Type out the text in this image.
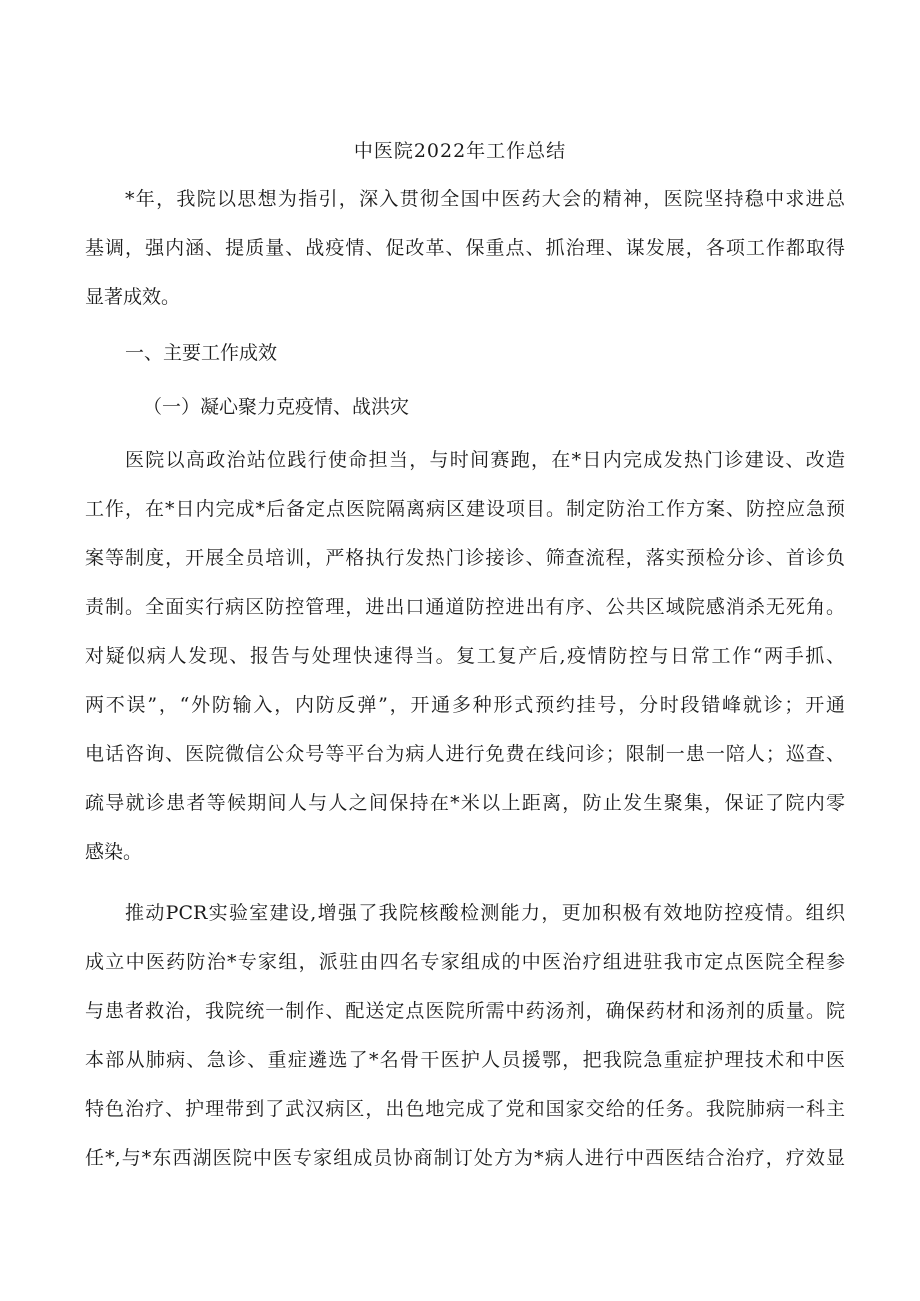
中医院2022年工作总结
*年，我院以思想为指引，深入贯彻全国中医药大会的精神，医院坚持稳中求进总
基调，强内涵、提质量、战疫情、促改革、保重点、抓治理、谋发展，各项工作都取得
显著成效。
一、主要工作成效
（一）凝心聚力克疫情、战洪灾
医院以高政治站位践行使命担当，与时间赛跑，在*日内完成发热门诊建设、改造
工作，在*日内完成*后备定点医院隔离病区建设项目。制定防治工作方案、防控应急预
案等制度，开展全员培训，严格执行发热门诊接诊、筛查流程，落实预检分诊、首诊负
责制。全面实行病区防控管理，进出口通道防控进出有序、公共区域院感消杀无死角。
对疑似病人发现、报告与处理快速得当。复工复产后,疫情防控与日常工作“两手抓、
两不误”，“外防输入，内防反弹”，开通多种形式预约挂号，分时段错峰就诊；开通
电话咨询、医院微信公众号等平台为病人进行免费在线问诊；限制一患一陪人；巡查、
疏导就诊患者等候期间人与人之间保持在*米以上距离，防止发生聚集，保证了院内零
感染。
推动PCR实验室建设,增强了我院核酸检测能力，更加积极有效地防控疫情。组织
成立中医药防治*专家组，派驻由四名专家组成的中医治疗组进驻我市定点医院全程参
与患者救治，我院统一制作、配送定点医院所需中药汤剂，确保药材和汤剂的质量。院
本部从肺病、急诊、重症遴选了*名骨干医护人员援鄂，把我院急重症护理技术和中医
特色治疗、护理带到了武汉病区，出色地完成了党和国家交给的任务。我院肺病一科主
任*,与*东西湖医院中医专家组成员协商制订处方为*病人进行中西医结合治疗，疗效显
